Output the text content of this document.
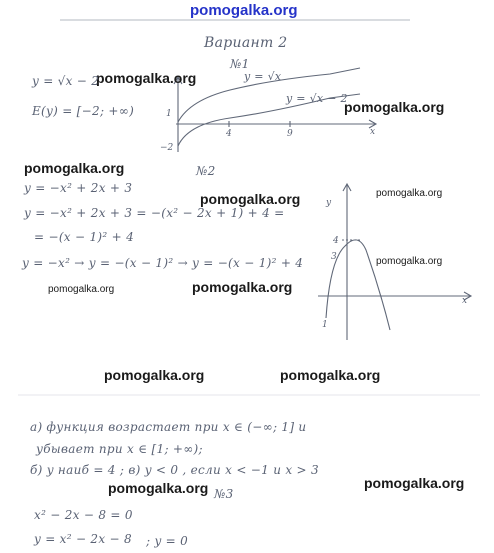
1
4	9
−2
x
y
4
3
1
x
pomogalka.org
pomogalka.org
pomogalka.org
pomogalka.org
pomogalka.org	pomogalka.org
pomogalka.org
pomogalka.org
pomogalka.org
pomogalka.org	pomogalka.org
pomogalka.org	pomogalka.org
Вариант 2
№1
y = √x − 2
E(y) = [−2; +∞)
y = √x
y = √x − 2
№2
y = −x² + 2x + 3
y = −x² + 2x + 3 = −(x² − 2x + 1) + 4 =
= −(x − 1)² + 4
y = −x² → y = −(x − 1)² → y = −(x − 1)² + 4
а) функция возрастает при x ∈ (−∞; 1] и
убывает при x ∈ [1; +∞);
б) y наиб = 4 ; в) y < 0 , если x < −1 и x > 3
№3
x² − 2x − 8 = 0
y = x² − 2x − 8 ; y = 0
